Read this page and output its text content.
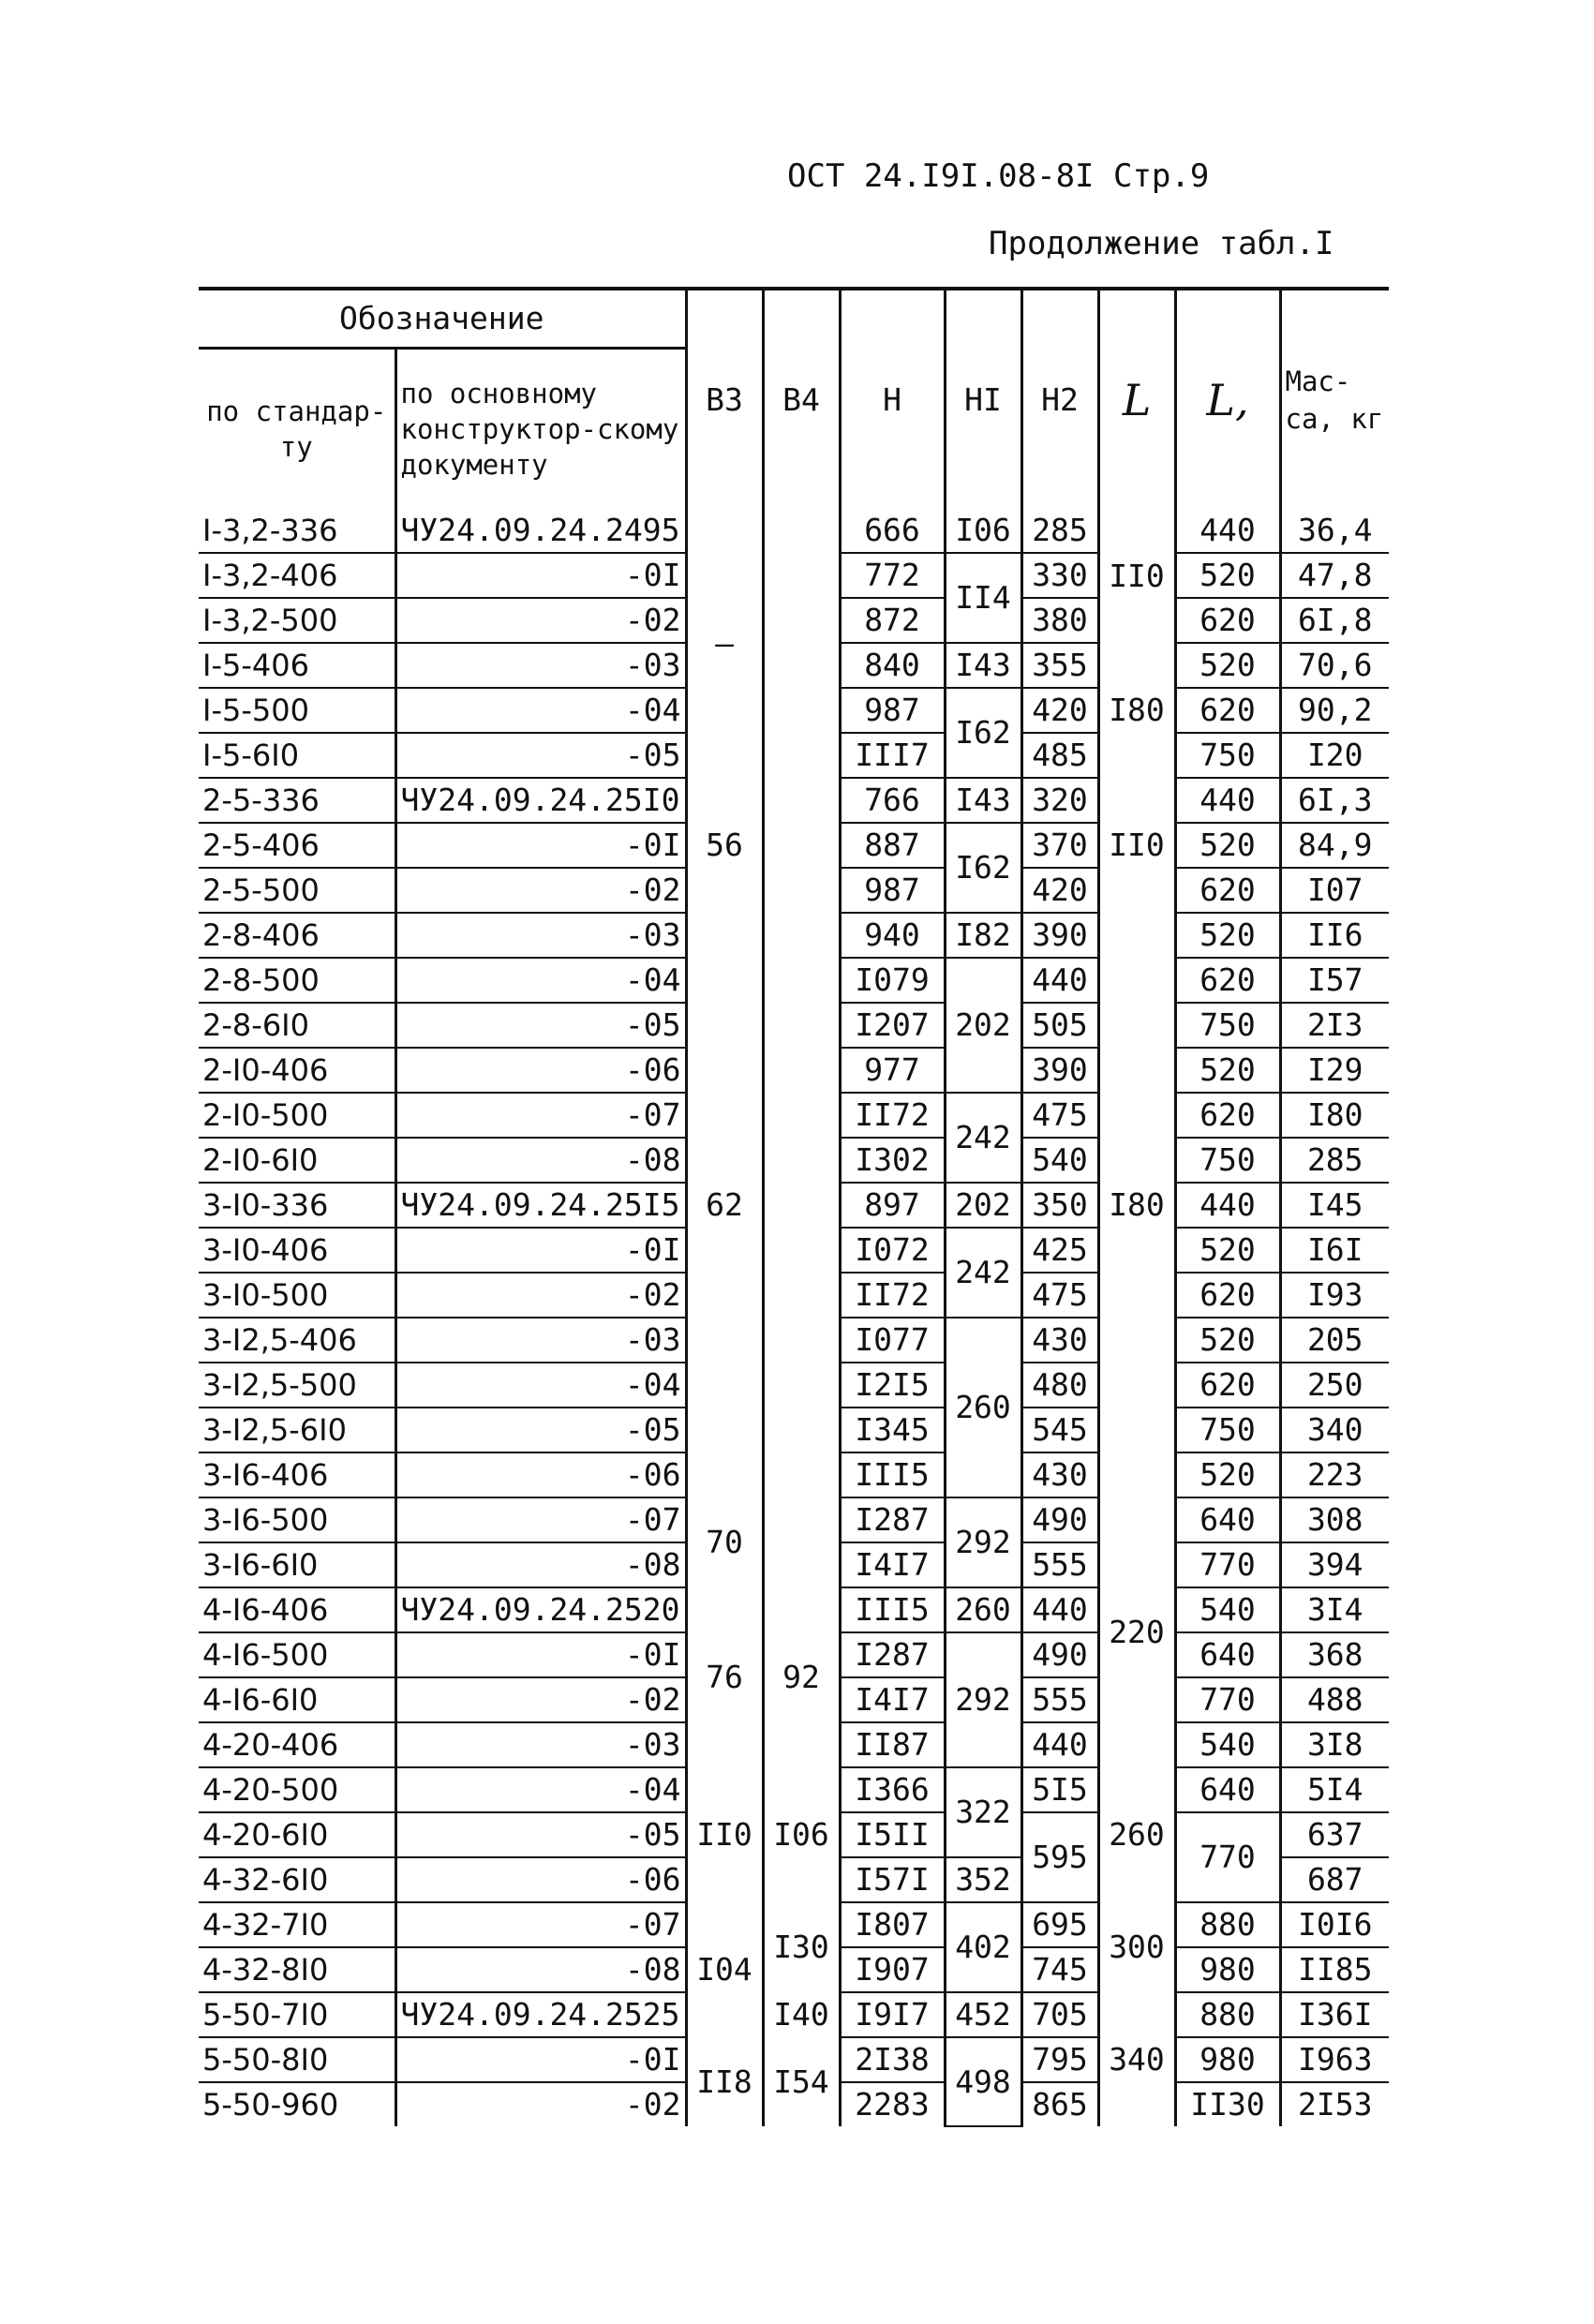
ОСТ 24.I9I.08-8I Стр.9
Продолжение табл.I

Обозначение		B3	B4	H	HI	H2	L	L,	Мас-са, кг
по стандар-ту	по основному конструктор-скому документу								
I-3,2-336	ЧУ24.09.24.2495	–		666	I06	285	II0	440	36,4
I-3,2-406	-0I			772	II4	330		520	47,8
I-3,2-500	-02			872		380		620	6I,8
I-5-406	-03			840	I43	355	I80	520	70,6
I-5-500	-04			987	I62	420		620	90,2
I-5-6I0	-05			III7		485		750	I20
2-5-336	ЧУ24.09.24.25I0	56		766	I43	320	II0	440	6I,3
2-5-406	-0I			887	I62	370		520	84,9
2-5-500	-02			987		420		620	I07
2-8-406	-03	62		940	I82	390	I80	520	II6
2-8-500	-04			I079	202	440		620	I57
2-8-6I0	-05			I207		505		750	2I3
2-I0-406	-06			977		390		520	I29
2-I0-500	-07			II72	242	475		620	I80
2-I0-6I0	-08			I302		540		750	285
3-I0-336	ЧУ24.09.24.25I5			897	202	350		440	I45
3-I0-406	-0I			I072	242	425		520	I6I
3-I0-500	-02			II72		475		620	I93
3-I2,5-406	-03			I077	260	430		520	205
3-I2,5-500	-04			I2I5		480		620	250
3-I2,5-6I0	-05			I345		545		750	340
3-I6-406	-06			III5		430		520	223
3-I6-500	-07	70		I287	292	490	220	640	308
3-I6-6I0	-08			I4I7		555		770	394
4-I6-406	ЧУ24.09.24.2520	76	92	III5	260	440		540	3I4
4-I6-500	-0I			I287	292	490		640	368
4-I6-6I0	-02			I4I7		555		770	488
4-20-406	-03			II87		440		540	3I8
4-20-500	-04	II0	I06	I366	322	5I5	260	640	5I4
4-20-6I0	-05			I5II		595		770	637
4-32-6I0	-06			I57I	352				687
4-32-7I0	-07	I04	I30	I807	402	695	300	880	I0I6
4-32-8I0	-08			I907		745		980	II85
5-50-7I0	ЧУ24.09.24.2525		I40	I9I7	452	705	340	880	I36I
5-50-8I0	-0I	II8	I54	2I38	498	795		980	I963
5-50-960	-02			2283		865		II30	2I53
